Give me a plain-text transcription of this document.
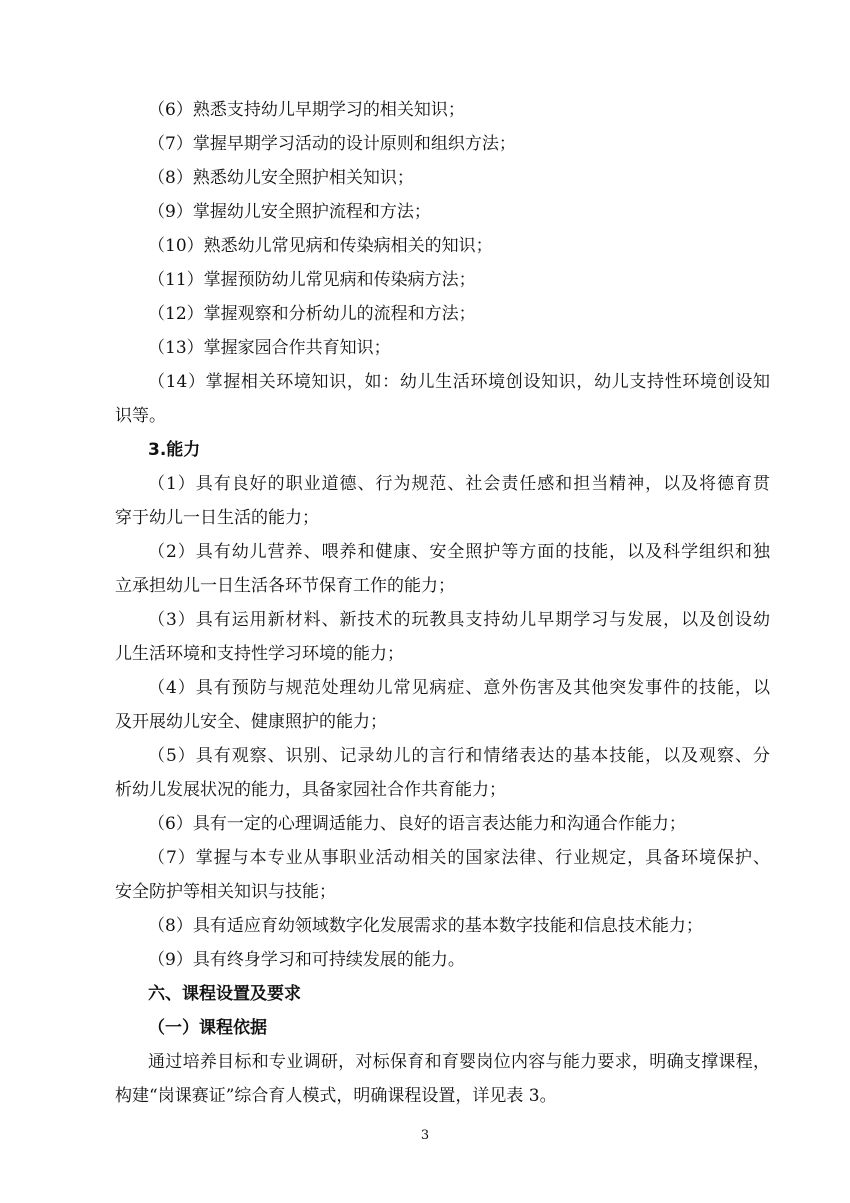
（6）熟悉支持幼儿早期学习的相关知识；
（7）掌握早期学习活动的设计原则和组织方法；
（8）熟悉幼儿安全照护相关知识；
（9）掌握幼儿安全照护流程和方法；
（10）熟悉幼儿常见病和传染病相关的知识；
（11）掌握预防幼儿常见病和传染病方法；
（12）掌握观察和分析幼儿的流程和方法；
（13）掌握家园合作共育知识；
（14）掌握相关环境知识，如：幼儿生活环境创设知识，幼儿支持性环境创设知
识等。
3.能力
（1）具有良好的职业道德、行为规范、社会责任感和担当精神，以及将德育贯
穿于幼儿一日生活的能力；
（2）具有幼儿营养、喂养和健康、安全照护等方面的技能，以及科学组织和独
立承担幼儿一日生活各环节保育工作的能力；
（3）具有运用新材料、新技术的玩教具支持幼儿早期学习与发展，以及创设幼
儿生活环境和支持性学习环境的能力；
（4）具有预防与规范处理幼儿常见病症、意外伤害及其他突发事件的技能，以
及开展幼儿安全、健康照护的能力；
（5）具有观察、识别、记录幼儿的言行和情绪表达的基本技能，以及观察、分
析幼儿发展状况的能力，具备家园社合作共育能力；
（6）具有一定的心理调适能力、良好的语言表达能力和沟通合作能力；
（7）掌握与本专业从事职业活动相关的国家法律、行业规定，具备环境保护、
安全防护等相关知识与技能；
（8）具有适应育幼领域数字化发展需求的基本数字技能和信息技术能力；
（9）具有终身学习和可持续发展的能力。
六、课程设置及要求
（一）课程依据
通过培养目标和专业调研，对标保育和育婴岗位内容与能力要求，明确支撑课程，
构建“岗课赛证”综合育人模式，明确课程设置，详见表 3。
3
